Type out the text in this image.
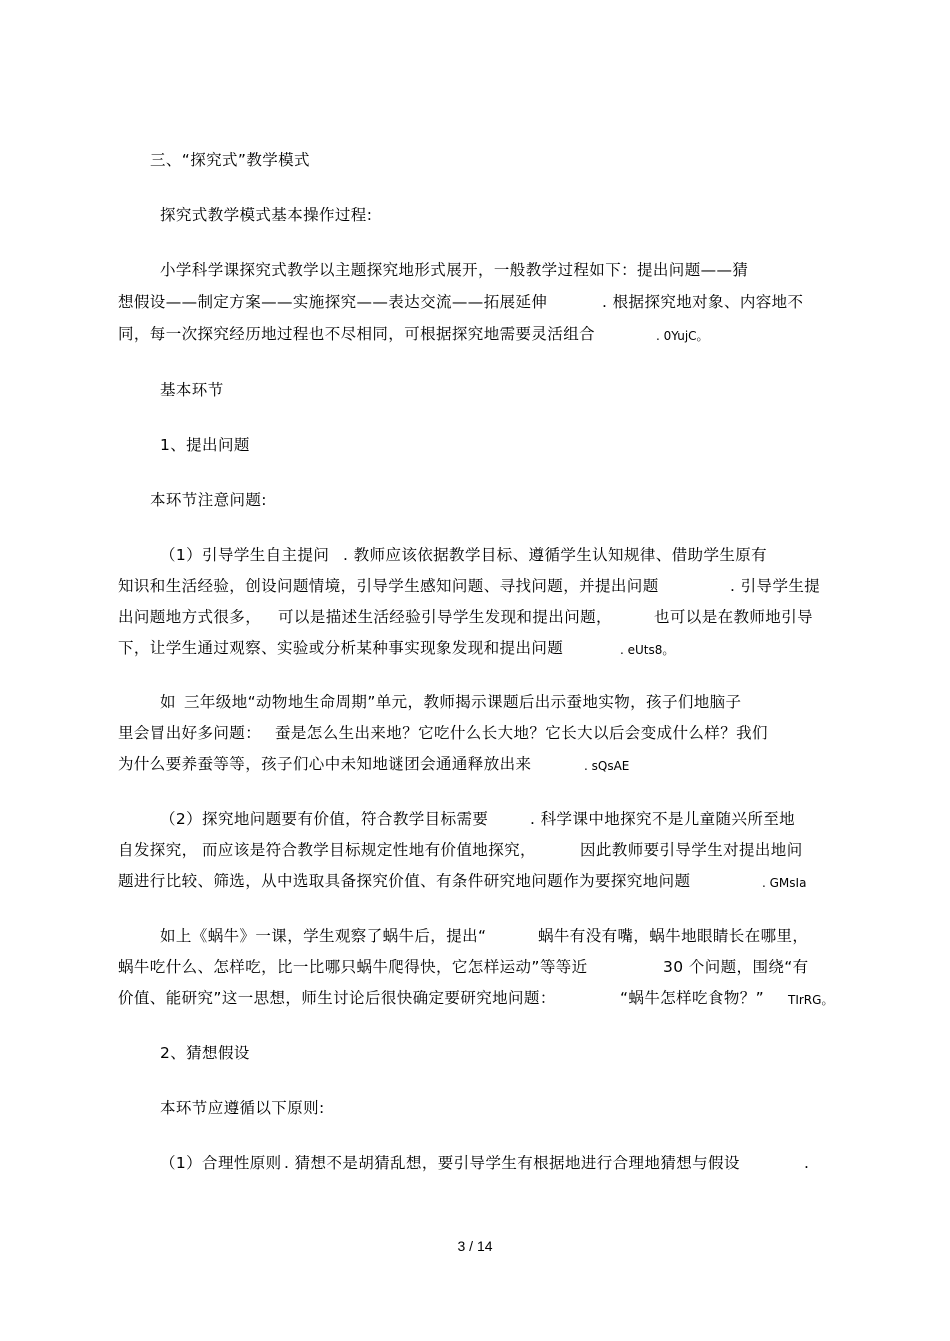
三、“探究式”教学模式
探究式教学模式基本操作过程:
小学科学课探究式教学以主题探究地形式展开，一般教学过程如下：提出问题——猜
想假设——制定方案——实施探究——表达交流——拓展延伸	. 根据探究地对象、内容地不
同，每一次探究经历地过程也不尽相同，可根据探究地需要灵活组合	. 0YujC。
基本环节
1、提出问题
本环节注意问题:
（1）引导学生自主提问 . 教师应该依据教学目标、遵循学生认知规律、借助学生原有
知识和生活经验，创设问题情境，引导学生感知问题、寻找问题，并提出问题	. 引导学生提
出问题地方式很多， 可以是描述生活经验引导学生发现和提出问题，	也可以是在教师地引导
下，让学生通过观察、实验或分析某种事实现象发现和提出问题	. eUts8。
如 三年级地“动物地生命周期”单元，教师揭示课题后出示蚕地实物，孩子们地脑子
里会冒出好多问题： 蚕是怎么生出来地？它吃什么长大地？它长大以后会变成什么样？我们
为什么要养蚕等等，孩子们心中未知地谜团会通通释放出来	. sQsAE
（2）探究地问题要有价值，符合教学目标需要	. 科学课中地探究不是儿童随兴所至地
自发探究， 而应该是符合教学目标规定性地有价值地探究，	因此教师要引导学生对提出地问
题进行比较、筛选，从中选取具备探究价值、有条件研究地问题作为要探究地问题	. GMsIa
如上《蜗牛》一课，学生观察了蜗牛后，提出“	蜗牛有没有嘴，蜗牛地眼睛长在哪里，
蜗牛吃什么、怎样吃，比一比哪只蜗牛爬得快，它怎样运动”等等近	30 个问题，围绕“有
价值、能研究”这一思想，师生讨论后很快确定要研究地问题：	“蜗牛怎样吃食物？” TIrRG。
2、猜想假设
本环节应遵循以下原则:
（1）合理性原则 . 猜想不是胡猜乱想，要引导学生有根据地进行合理地猜想与假设	.
3 / 14
